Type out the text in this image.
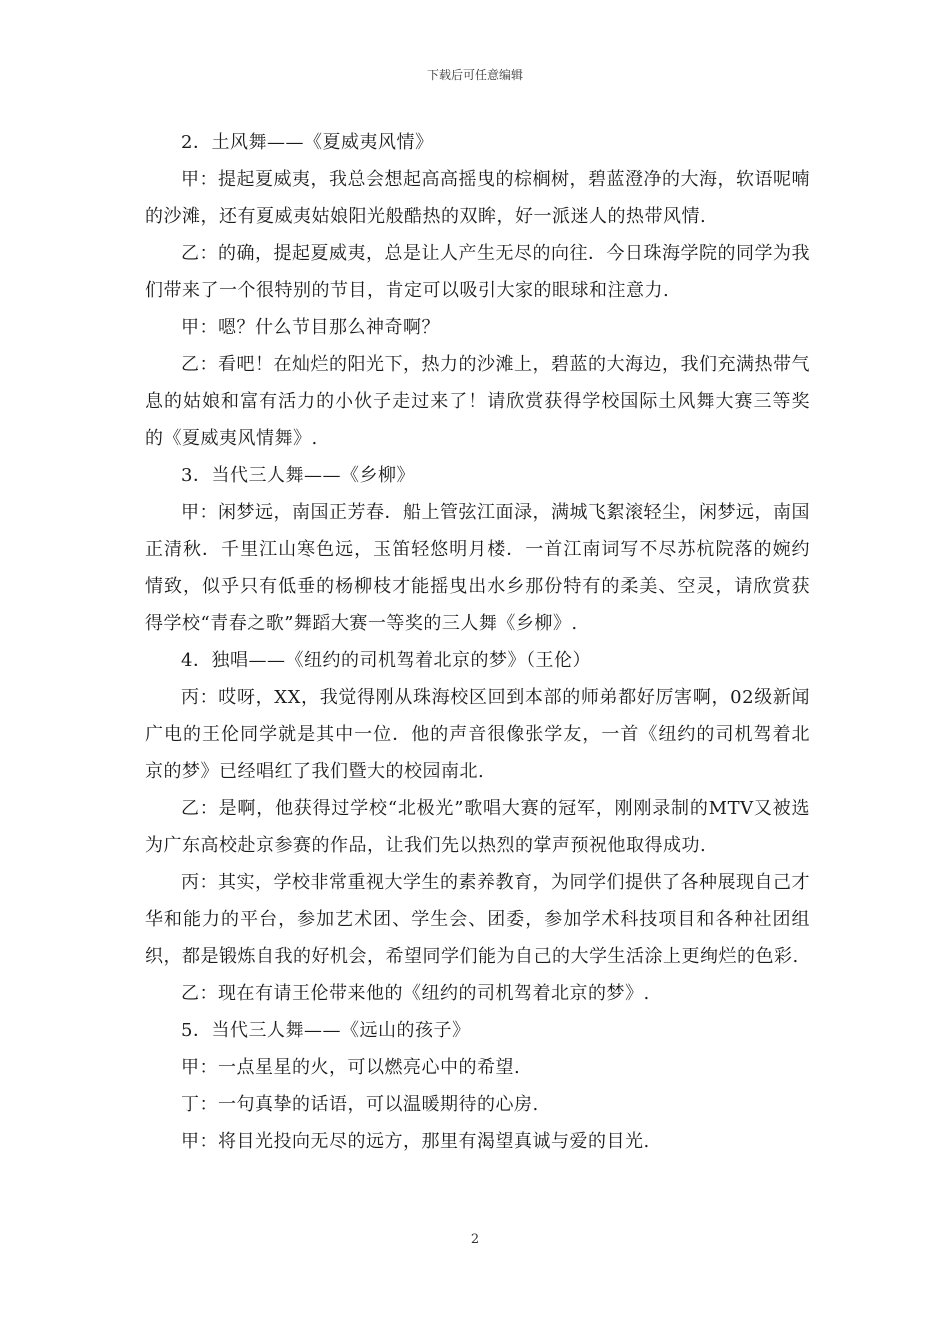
下载后可任意编辑

2．土风舞——《夏威夷风情》

甲：提起夏威夷，我总会想起高高摇曳的棕榈树，碧蓝澄净的大海，软语呢喃的沙滩，还有夏威夷姑娘阳光般酷热的双眸，好一派迷人的热带风情.

乙：的确，提起夏威夷，总是让人产生无尽的向往．今日珠海学院的同学为我们带来了一个很特别的节目，肯定可以吸引大家的眼球和注意力.

甲：嗯？什么节目那么神奇啊？

乙：看吧！在灿烂的阳光下，热力的沙滩上，碧蓝的大海边，我们充满热带气息的姑娘和富有活力的小伙子走过来了！请欣赏获得学校国际土风舞大赛三等奖的《夏威夷风情舞》.

3．当代三人舞——《乡柳》

甲：闲梦远，南国正芳春．船上管弦江面渌，满城飞絮滚轻尘，闲梦远，南国正清秋．千里江山寒色远，玉笛轻悠明月楼．一首江南词写不尽苏杭院落的婉约情致，似乎只有低垂的杨柳枝才能摇曳出水乡那份特有的柔美、空灵，请欣赏获得学校“青春之歌”舞蹈大赛一等奖的三人舞《乡柳》.

4．独唱——《纽约的司机驾着北京的梦》（王伦）

丙：哎呀，XX，我觉得刚从珠海校区回到本部的师弟都好厉害啊，02级新闻广电的王伦同学就是其中一位．他的声音很像张学友，一首《纽约的司机驾着北京的梦》已经唱红了我们暨大的校园南北.

乙：是啊，他获得过学校“北极光”歌唱大赛的冠军，刚刚录制的MTV又被选为广东高校赴京参赛的作品，让我们先以热烈的掌声预祝他取得成功.

丙：其实，学校非常重视大学生的素养教育，为同学们提供了各种展现自己才华和能力的平台，参加艺术团、学生会、团委，参加学术科技项目和各种社团组织，都是锻炼自我的好机会，希望同学们能为自己的大学生活涂上更绚烂的色彩.

乙：现在有请王伦带来他的《纽约的司机驾着北京的梦》.

5．当代三人舞——《远山的孩子》

甲：一点星星的火，可以燃亮心中的希望.

丁：一句真挚的话语，可以温暖期待的心房.

甲：将目光投向无尽的远方，那里有渴望真诚与爱的目光.

2
